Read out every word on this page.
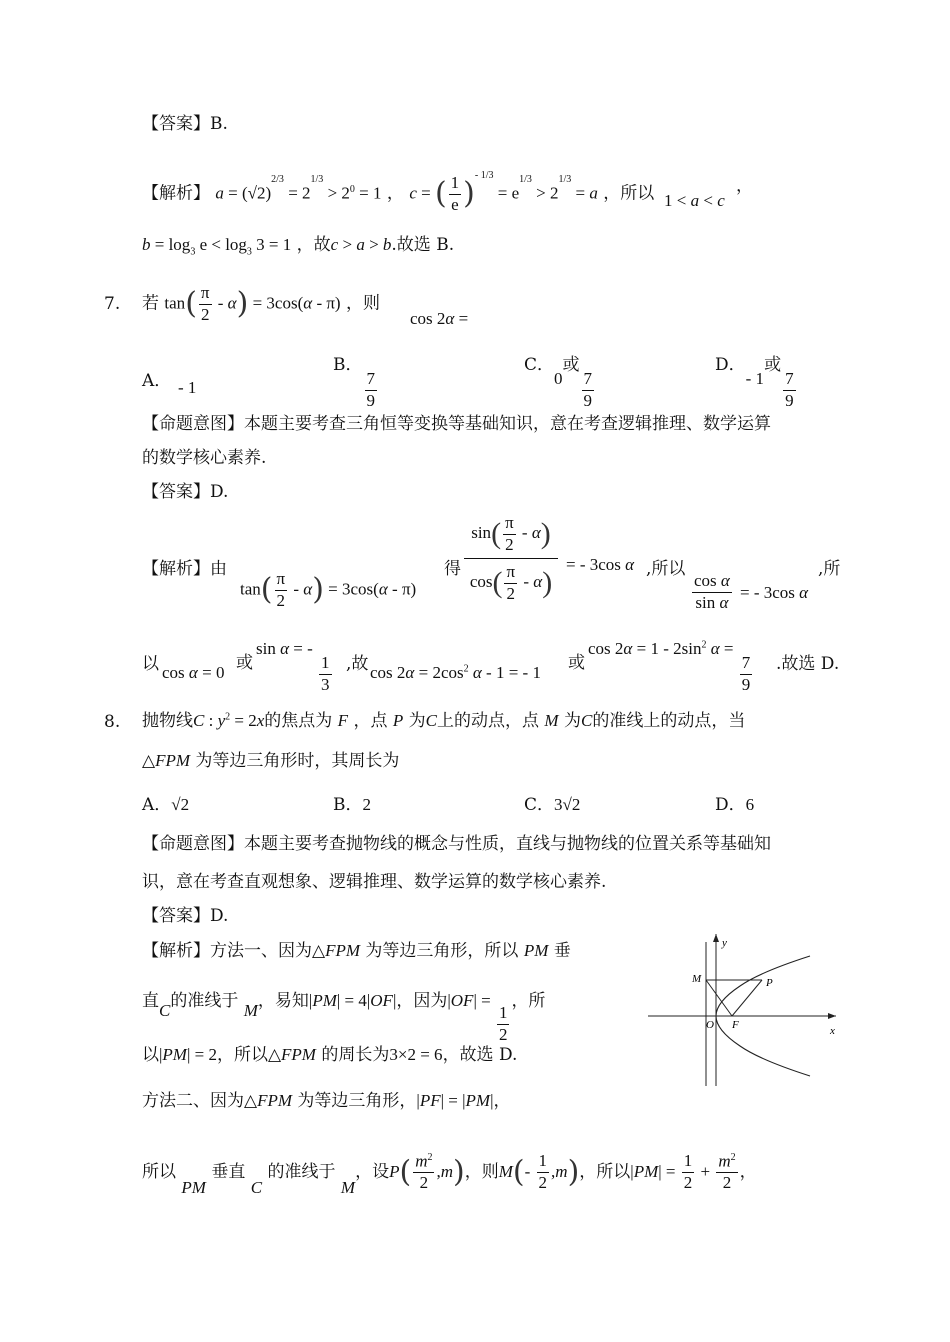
【答案】B.
【解析】 $a = (√2)^{2/3} = 2^{1/3} > 2^0 = 1$ ， c = ( $\frac{1}{e} )^{- 1/3} = e^{1/3} > 2^{1/3} = a$ ，所以 1 < a < c
，
$b = \log_3 e < \log_3 3 = 1$ ，故c > a > b.故选 B.
7. 若 $\tan( \frac{\pi}{2} - \alpha) = 3\cos(\alpha - \pi)$ ，则
cos 2α =
A． - 1
B．
$\frac{7}{9}$
C．0或
$\frac{7}{9}$
D．- 1或
$\frac{7}{9}$
【命题意图】本题主要考查三角恒等变换等基础知识，意在考查逻辑推理、数学运算
的数学核心素养.
【答案】D.
【解析】由
$\tan( \frac{\pi}{2} - \alpha) = 3\cos(\alpha - \pi)$
得
$\sin( \frac{\pi}{2} - \alpha)$
$\cos( \frac{\pi}{2} - \alpha)$
= - 3cos α ,所以
$\frac{\text{cos α}}{\text{sin α}}$ = - 3cos α
,所
以 cos α = 0 或
sin α = -
$\frac{1}{3}$ ,故 $\cos 2\alpha = 2\cos^2$ α - 1 = - 1 或
$\cos 2\alpha = 1 - 2\sin^2$ α =
$\frac{7}{9}$ .故选 D.
8. 抛物线C : $y^2 = 2x$的焦点为 F ，点 P 为C上的动点，点 M 为C的准线上的动点，当
△FPM 为等边三角形时，其周长为
A．√2	B．2	C．3√2	D．6
【命题意图】本题主要考查抛物线的概念与性质，直线与抛物线的位置关系等基础知
识，意在考查直观想象、逻辑推理、数学运算的数学核心素养.
【答案】D.
【解析】方法一、因为△FPM 为等边三角形，所以 PM 垂
直C的准线于 M，易知|PM| = 4|OF|，因为|OF| =
$\frac{1}{2}$
，所
以|PM| = 2，所以△FPM 的周长为3×2 = 6，故选 D.
方法二、因为△FPM 为等边三角形，|PF| = |PM|，
所以 PM 垂直 C 的准线于 M，设$P( \frac{m^2}{2} ,m)$，则$M(- \frac{1}{2} ,m)$，所以$|PM| = \frac{1}{2} + \frac{m^2}{2}$ ，
y
x
M	P
O F
